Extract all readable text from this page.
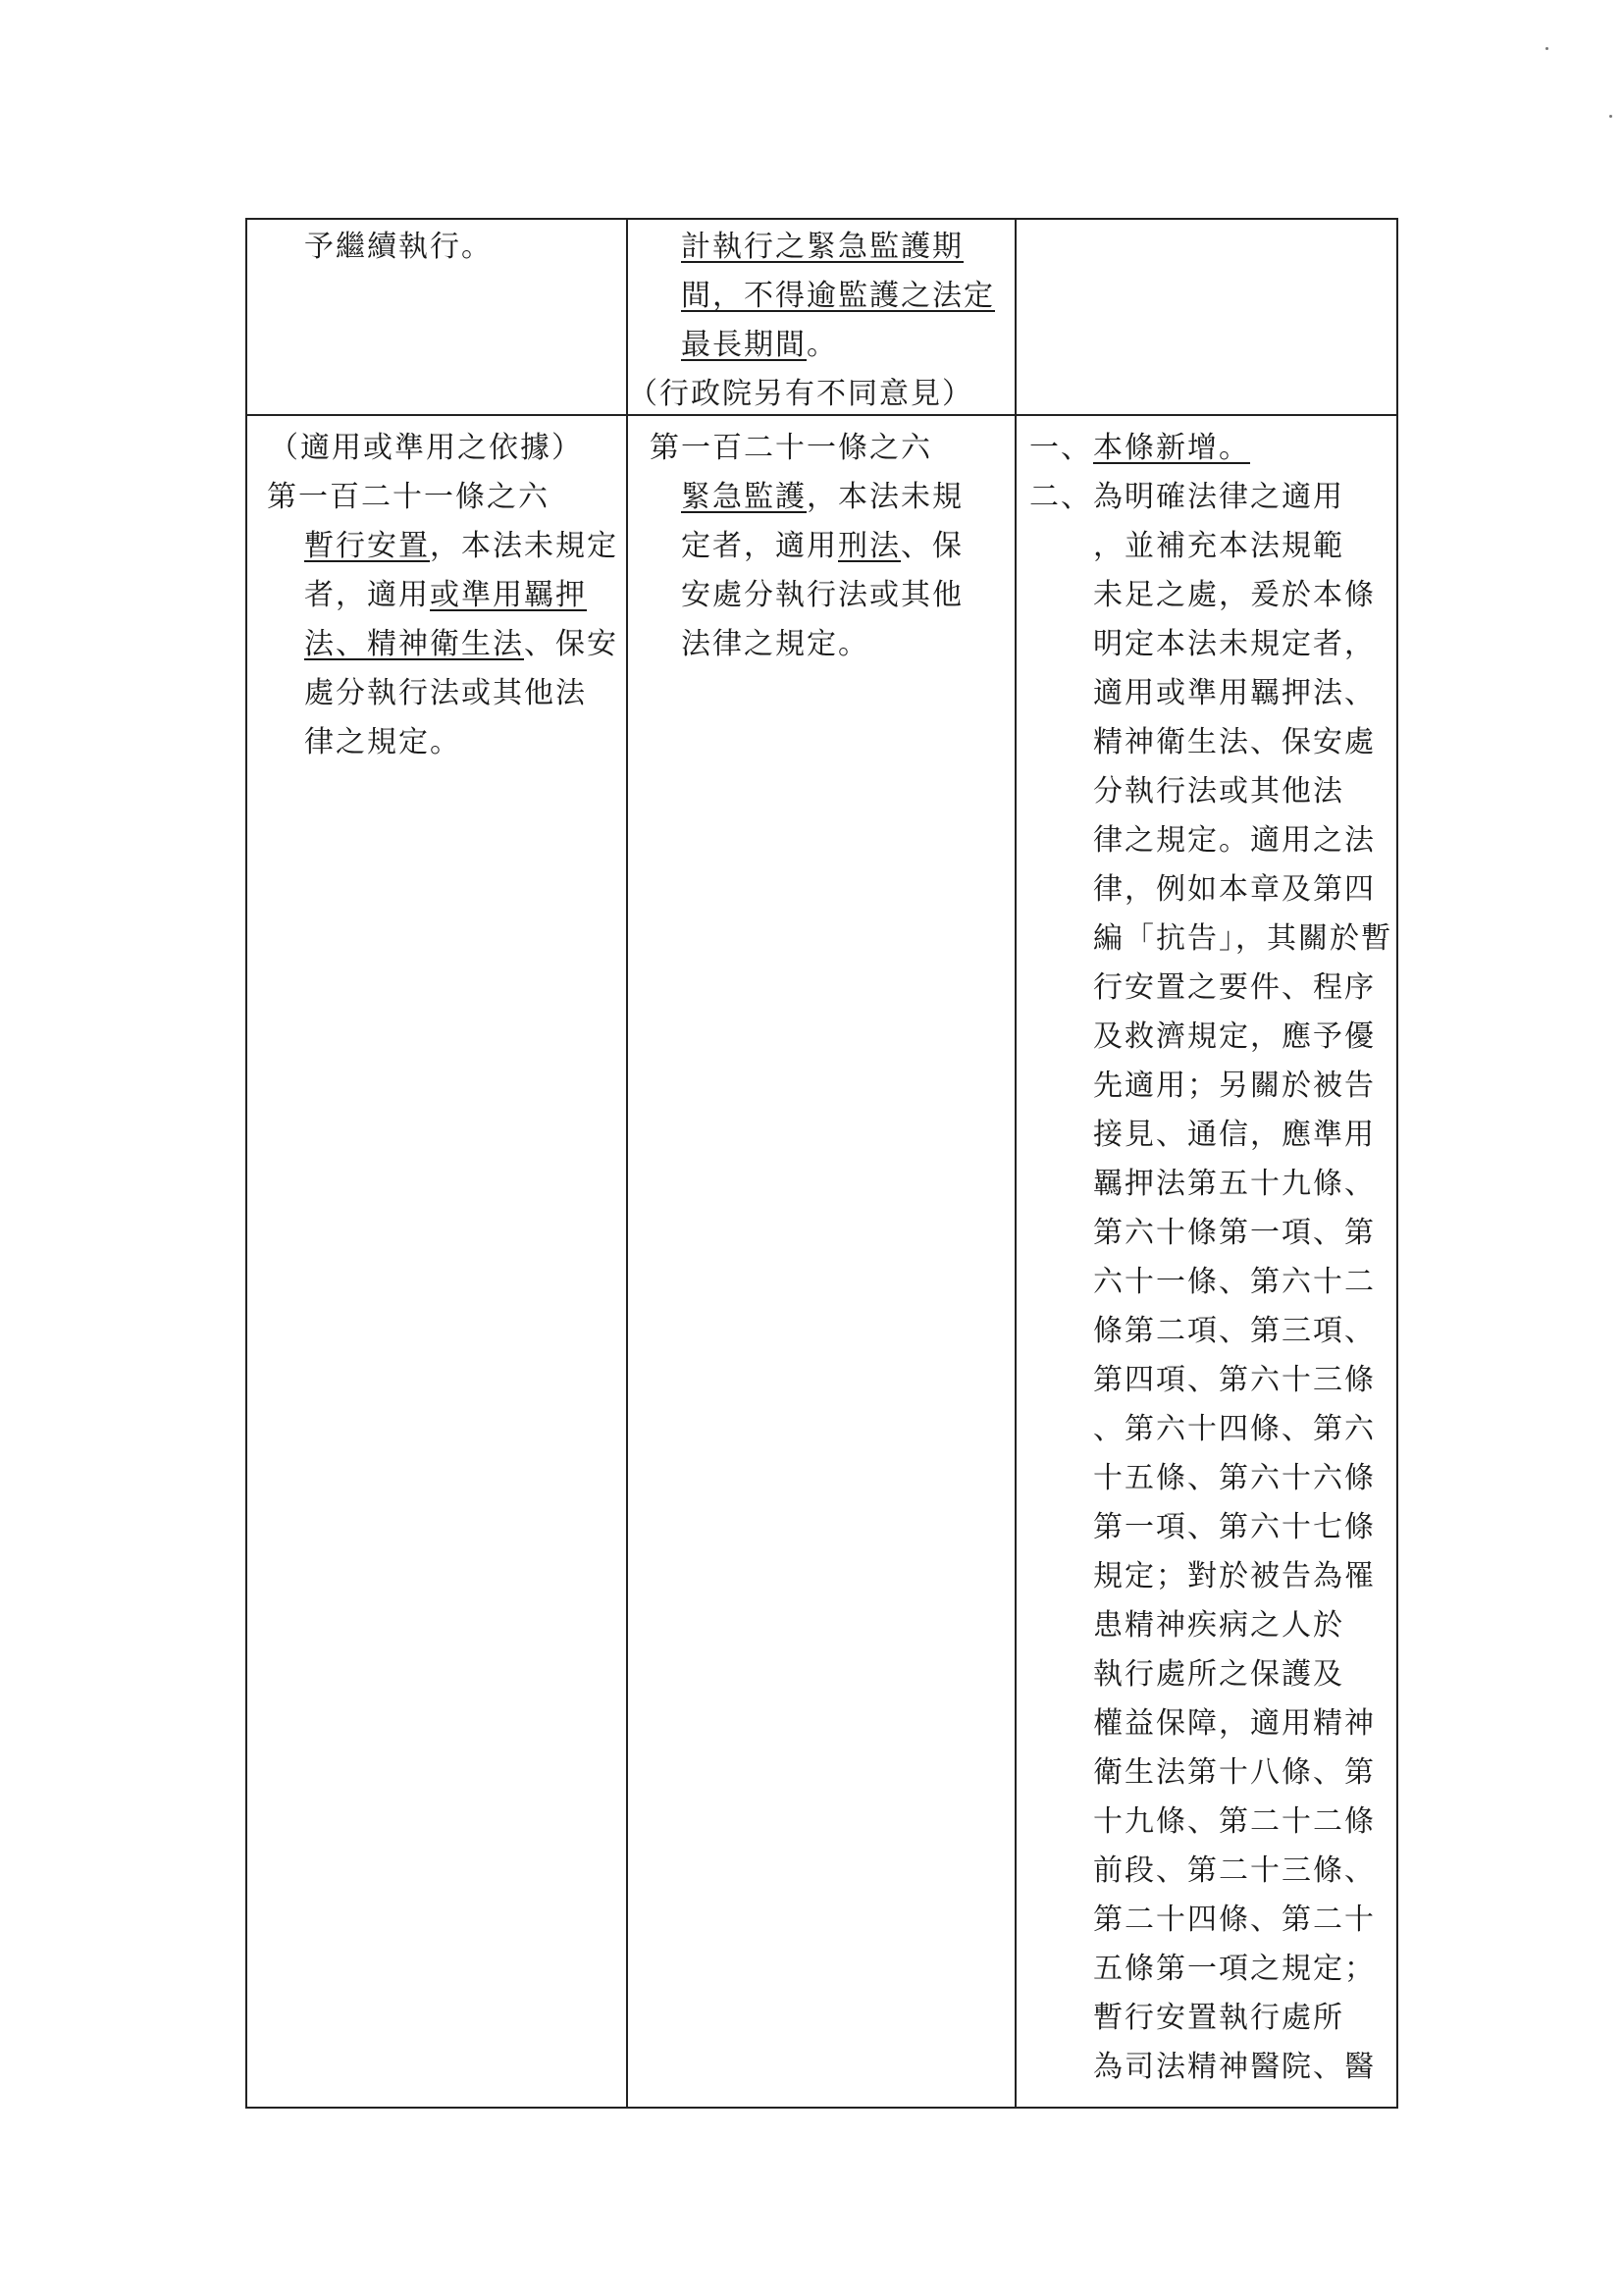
予繼續執行。	計執行之緊急監護期
間，不得逾監護之法定
最長期間。
（行政院另有不同意見）
（適用或準用之依據）
第一百二十一條之六
暫行安置，本法未規定
者，適用或準用羈押
法、精神衛生法、保安
處分執行法或其他法
律之規定。
第一百二十一條之六
緊急監護，本法未規
定者，適用刑法、保
安處分執行法或其他
法律之規定。
一、 本條新增。
二、 為明確法律之適用
，並補充本法規範
未足之處，爰於本條
明定本法未規定者，
適用或準用羈押法、
精神衛生法、保安處
分執行法或其他法
律之規定。適用之法
律，例如本章及第四
編「抗告」，其關於暫
行安置之要件、程序
及救濟規定，應予優
先適用；另關於被告
接見、通信，應準用
羈押法第五十九條、
第六十條第一項、第
六十一條、第六十二
條第二項、第三項、
第四項、第六十三條
、第六十四條、第六
十五條、第六十六條
第一項、第六十七條
規定；對於被告為罹
患精神疾病之人於
執行處所之保護及
權益保障，適用精神
衛生法第十八條、第
十九條、第二十二條
前段、第二十三條、
第二十四條、第二十
五條第一項之規定；
暫行安置執行處所
為司法精神醫院、醫
